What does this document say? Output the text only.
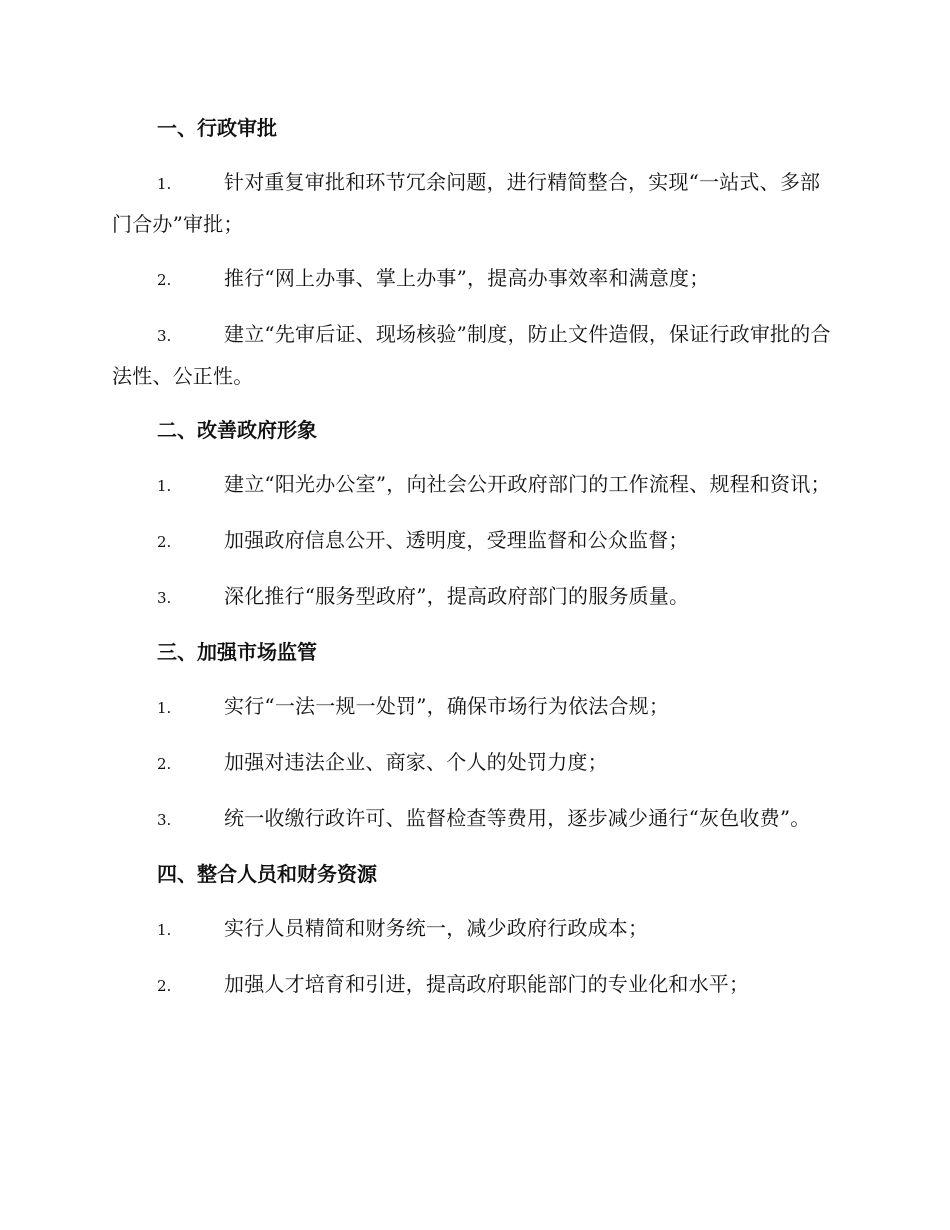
一、行政审批
1.	针对重复审批和环节冗余问题，进行精简整合，实现“一站式、多部门合办”审批；
2.	推行“网上办事、掌上办事”，提高办事效率和满意度；
3.	建立“先审后证、现场核验”制度，防止文件造假，保证行政审批的合法性、公正性。
二、改善政府形象
1.	建立“阳光办公室”，向社会公开政府部门的工作流程、规程和资讯；
2.	加强政府信息公开、透明度，受理监督和公众监督；
3.	深化推行“服务型政府”，提高政府部门的服务质量。
三、加强市场监管
1.	实行“一法一规一处罚”，确保市场行为依法合规；
2.	加强对违法企业、商家、个人的处罚力度；
3.	统一收缴行政许可、监督检查等费用，逐步减少通行“灰色收费”。
四、整合人员和财务资源
1.	实行人员精简和财务统一，减少政府行政成本；
2.	加强人才培育和引进，提高政府职能部门的专业化和水平；
